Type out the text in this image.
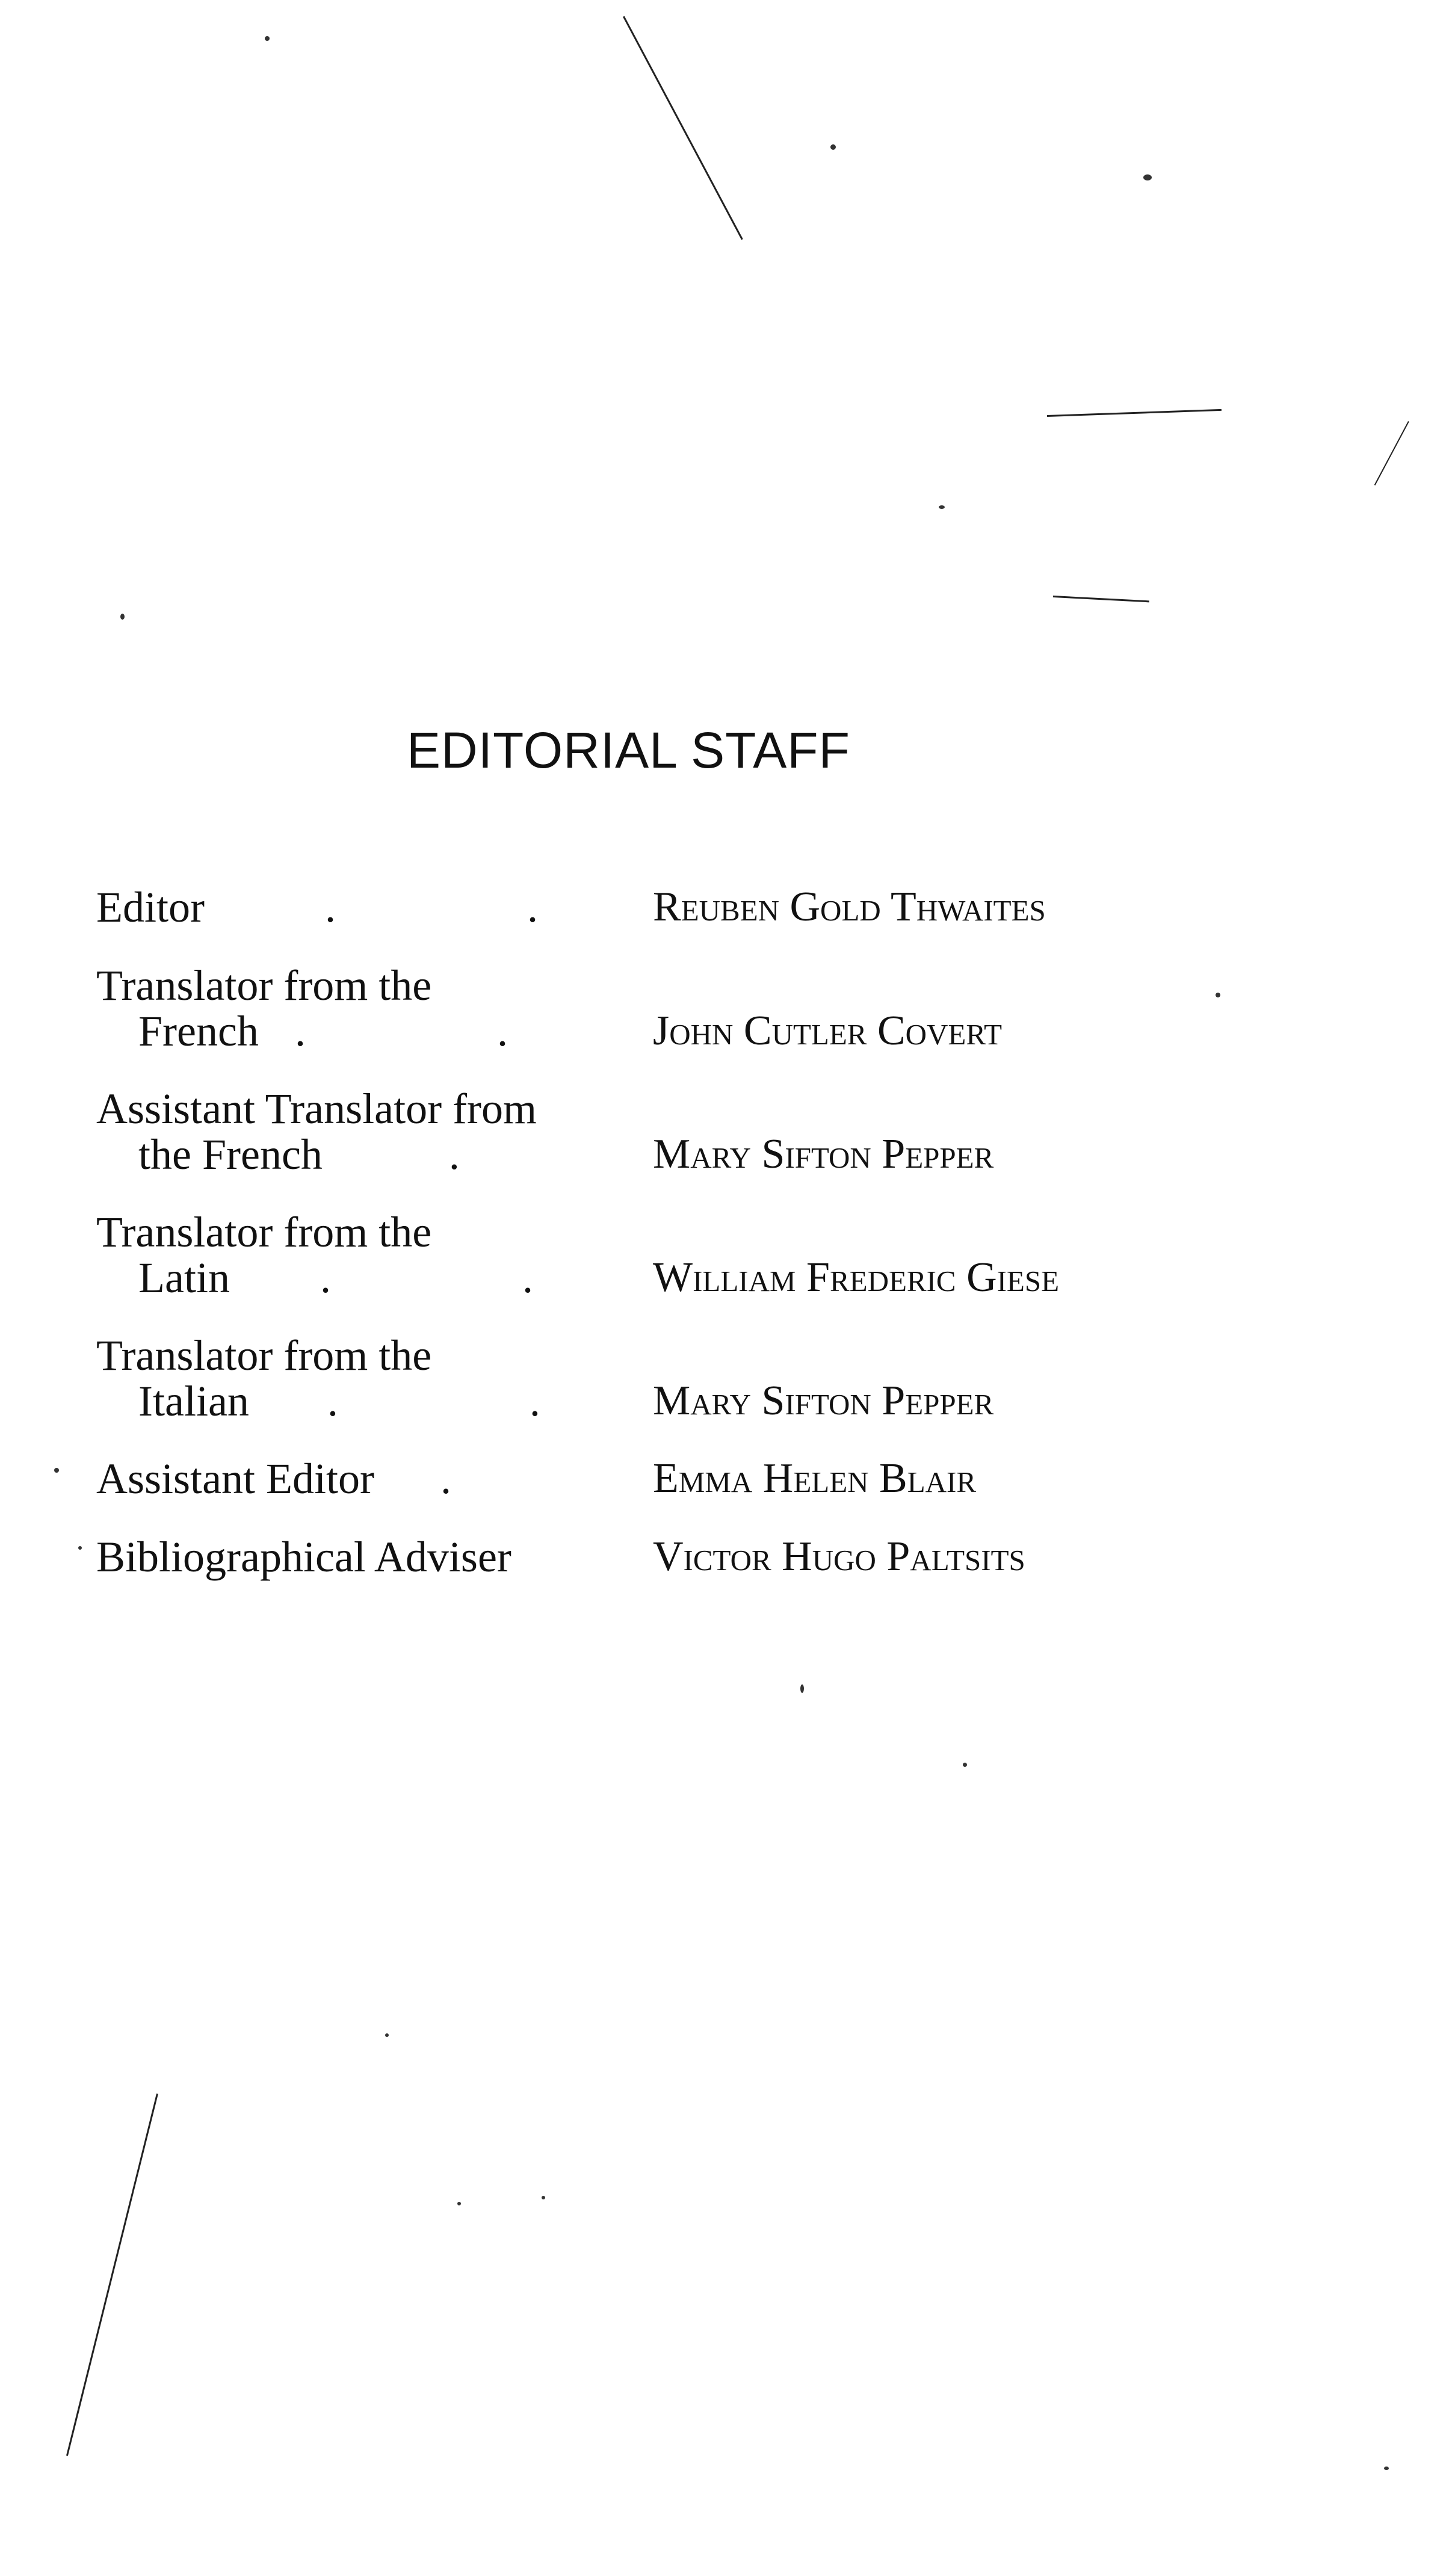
EDITORIAL STAFF
Editor	. . Reuben Gold Thwaites
Translator from the
French . .	John Cutler Covert
Assistant Translator from
the French	.	Mary Sifton Pepper
Translator from the
Latin . . William Frederic Giese
Translator from the
Italian . . Mary Sifton Pepper
Assistant Editor .	Emma Helen Blair
Bibliographical Adviser	Victor Hugo Paltsits
